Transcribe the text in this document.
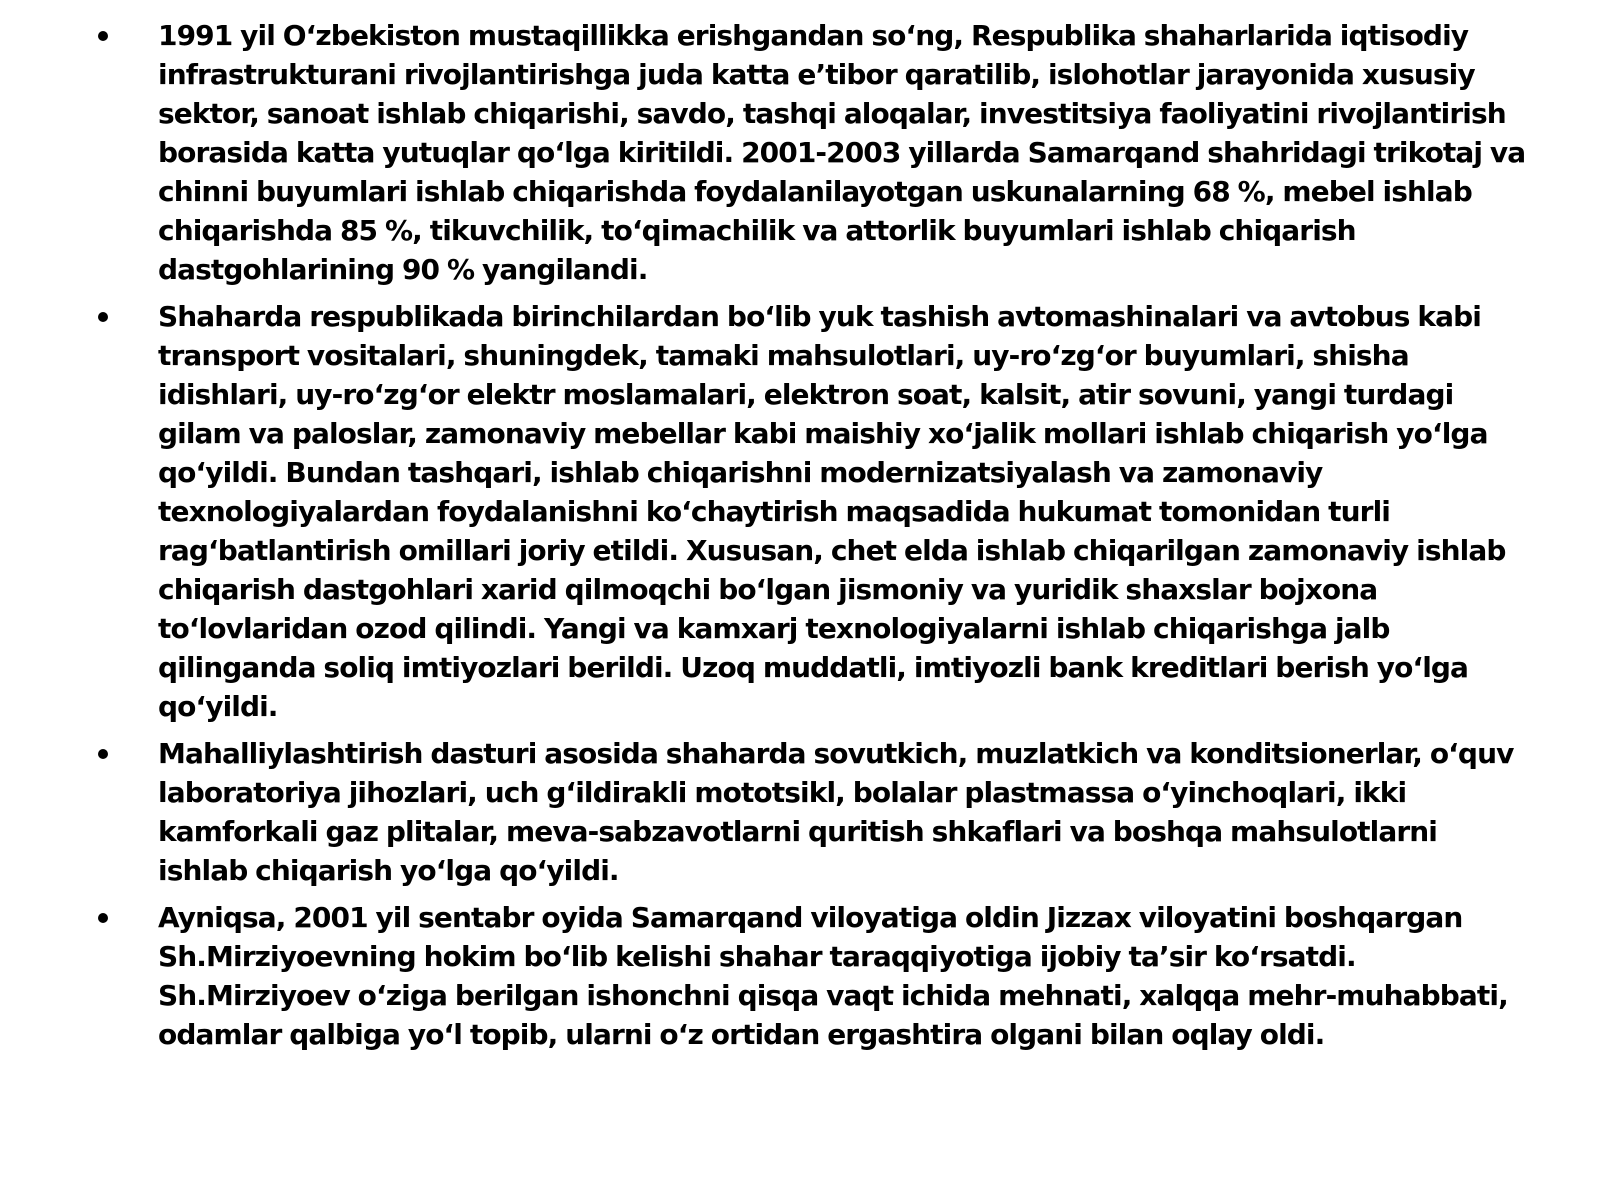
1991 yil O‘zbekiston mustaqillikka erishgandan so‘ng, Respublika shaharlarida iqtisodiy infrastrukturani rivojlantirishga juda katta e’tibor qaratilib, islohotlar jarayonida xususiy sektor, sanoat ishlab chiqarishi, savdo, tashqi aloqalar, investitsiya faoliyatini rivojlantirish borasida katta yutuqlar qo‘lga kiritildi. 2001-2003 yillarda Samarqand shahridagi trikotaj va chinni buyumlari ishlab chiqarishda foydalanilayotgan uskunalarning 68 %, mebel ishlab chiqarishda 85 %, tikuvchilik, to‘qimachilik va attorlik buyumlari ishlab chiqarish dastgohlarining 90 % yangilandi.

Shaharda respublikada birinchilardan bo‘lib yuk tashish avtomashinalari va avtobus kabi transport vositalari, shuningdek, tamaki mahsulotlari, uy-ro‘zg‘or buyumlari, shisha idishlari, uy-ro‘zg‘or elektr moslamalari, elektron soat, kalsit, atir sovuni, yangi turdagi gilam va paloslar, zamonaviy mebellar kabi maishiy xo‘jalik mollari ishlab chiqarish yo‘lga qo‘yildi. Bundan tashqari, ishlab chiqarishni modernizatsiyalash va zamonaviy texnologiyalardan foydalanishni ko‘chaytirish maqsadida hukumat tomonidan turli rag‘batlantirish omillari joriy etildi. Xususan, chet elda ishlab chiqarilgan zamonaviy ishlab chiqarish dastgohlari xarid qilmoqchi bo‘lgan jismoniy va yuridik shaxslar bojxona to‘lovlaridan ozod qilindi. Yangi va kamxarj texnologiyalarni ishlab chiqarishga jalb qilinganda soliq imtiyozlari berildi. Uzoq muddatli, imtiyozli bank kreditlari berish yo‘lga qo‘yildi.

Mahalliylashtirish dasturi asosida shaharda sovutkich, muzlatkich va konditsionerlar, o‘quv laboratoriya jihozlari, uch g‘ildirakli mototsikl, bolalar plastmassa o‘yinchoqlari, ikki kamforkali gaz plitalar, meva-sabzavotlarni quritish shkaflari va boshqa mahsulotlarni ishlab chiqarish yo‘lga qo‘yildi.

Ayniqsa, 2001 yil sentabr oyida Samarqand viloyatiga oldin Jizzax viloyatini boshqargan Sh.Mirziyoevning hokim bo‘lib kelishi shahar taraqqiyotiga ijobiy ta’sir ko‘rsatdi. Sh.Mirziyoev o‘ziga berilgan ishonchni qisqa vaqt ichida mehnati, xalqqa mehr-muhabbati, odamlar qalbiga yo‘l topib, ularni o‘z ortidan ergashtira olgani bilan oqlay oldi.
